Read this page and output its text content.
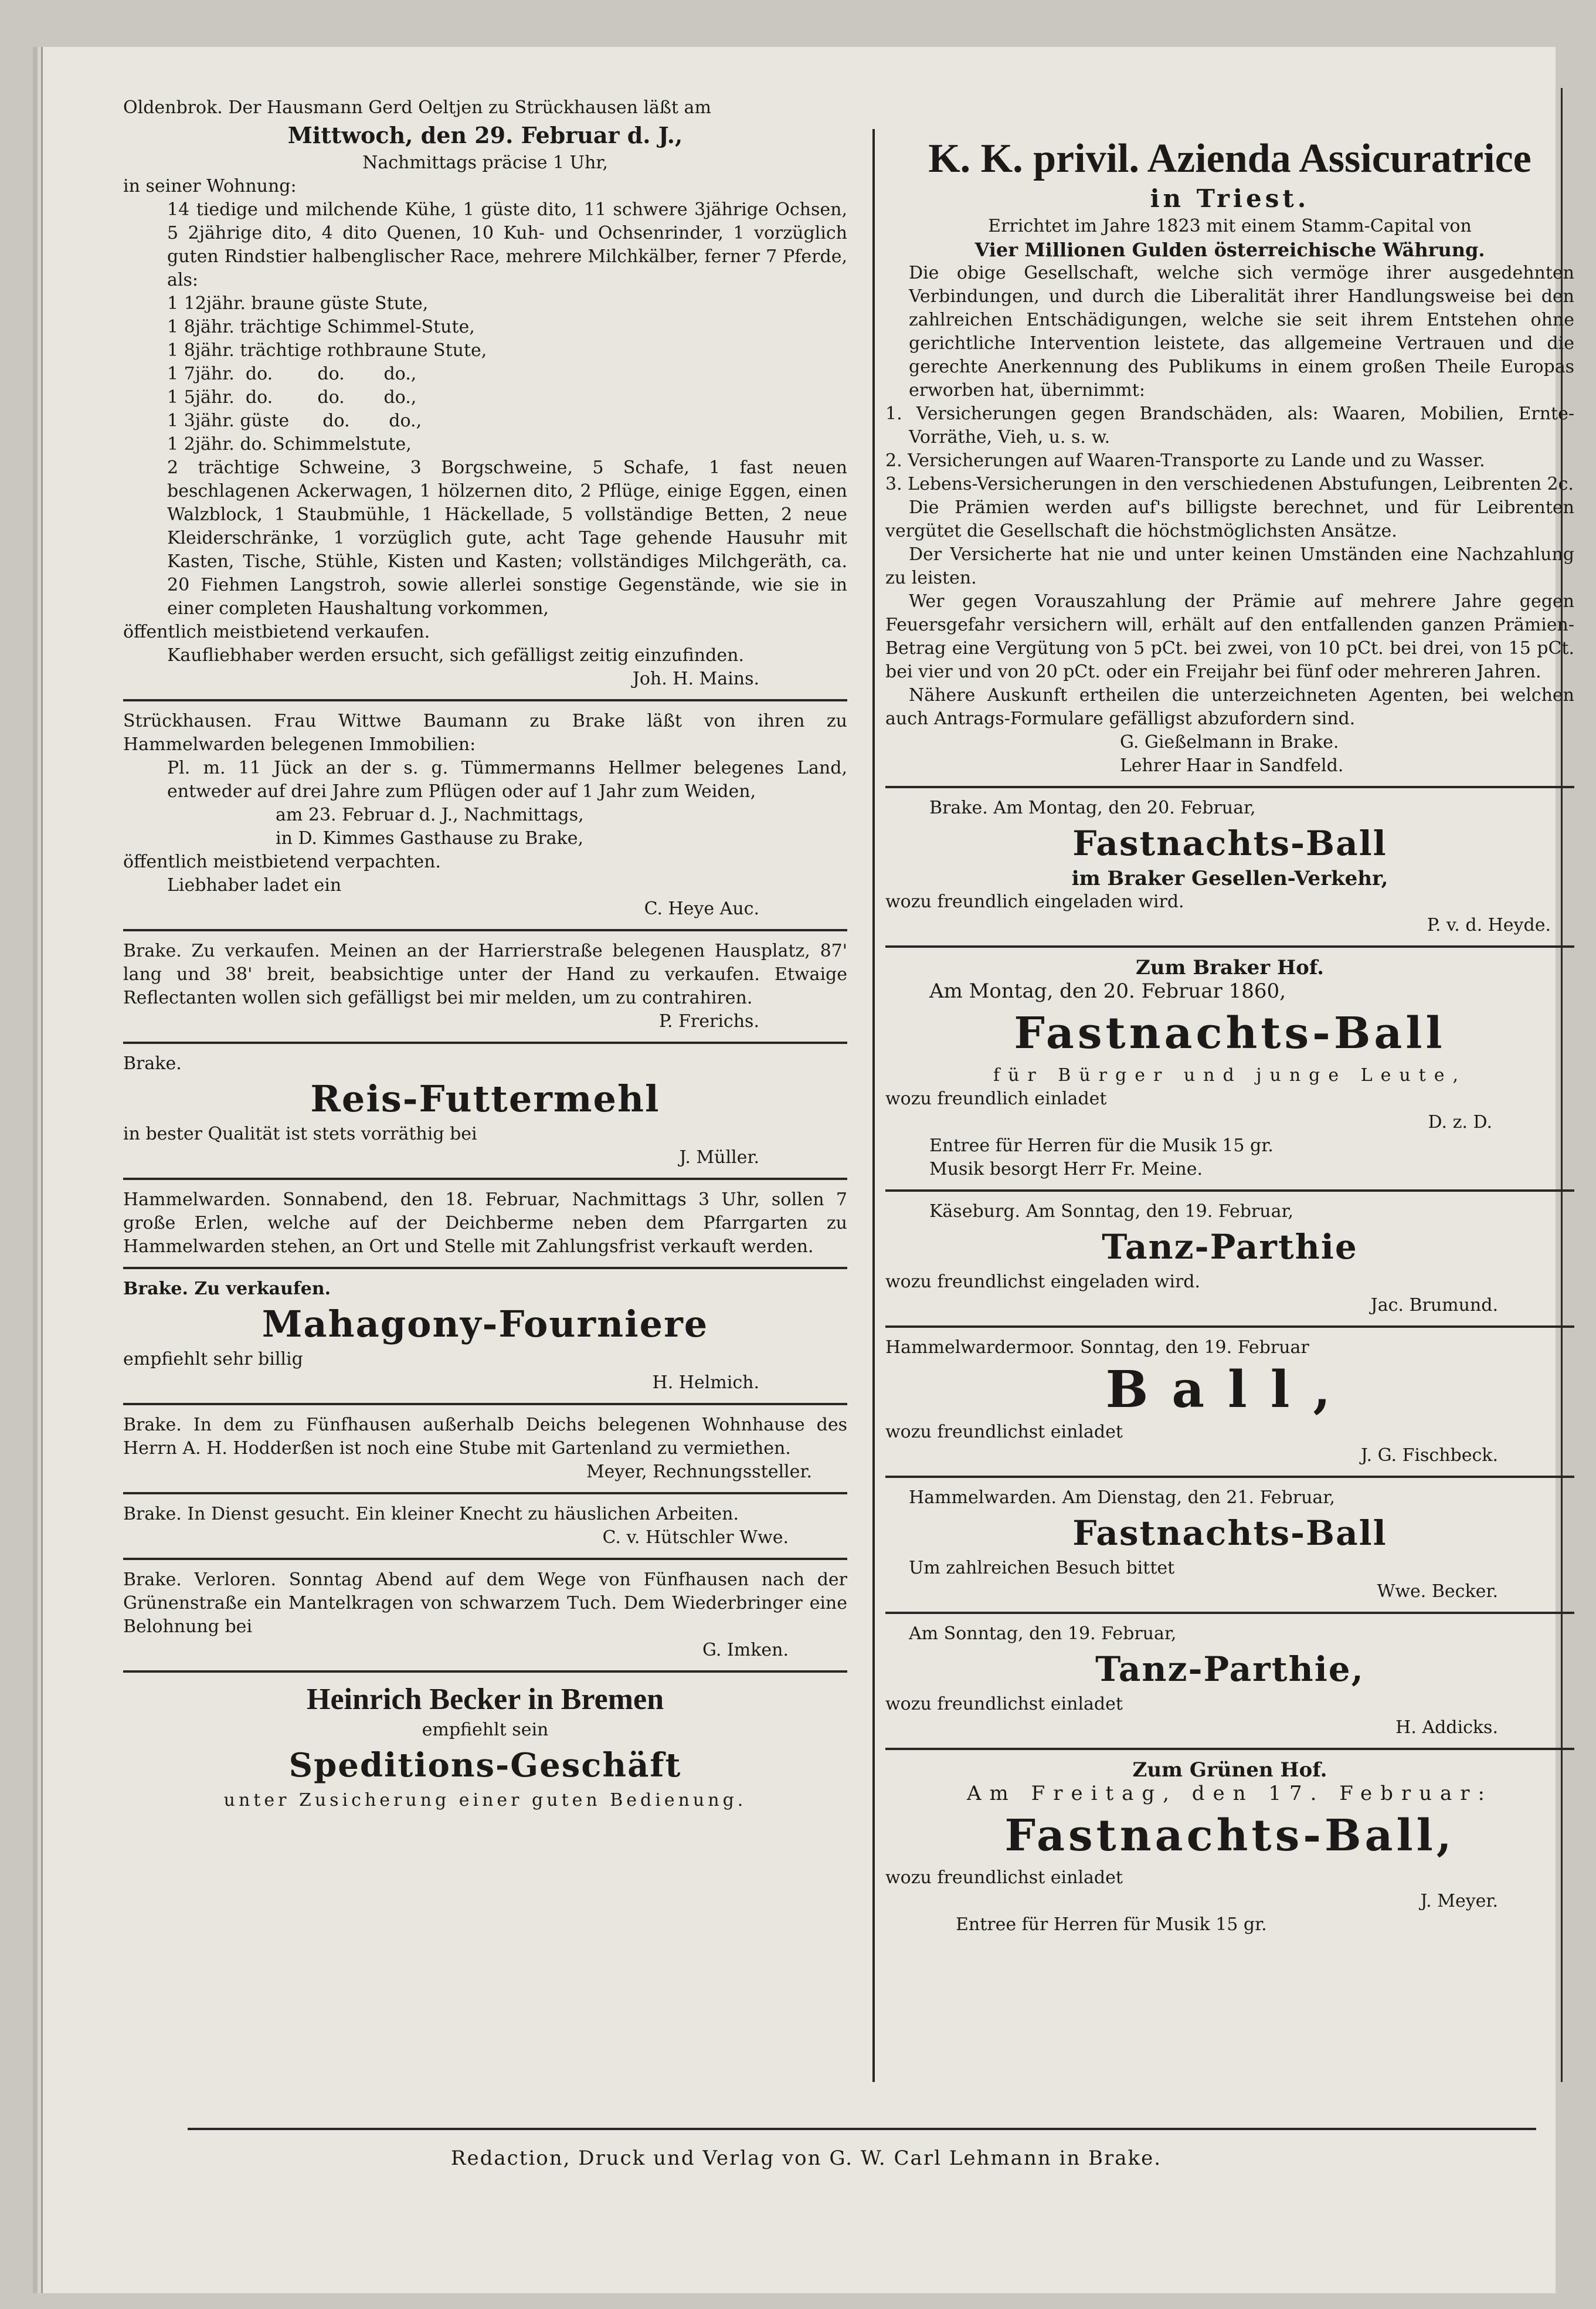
Oldenbrok. Der Hausmann Gerd Oeltjen zu Strückhausen läßt am
Mittwoch, den 29. Februar d. J.,
Nachmittags präcise 1 Uhr,
in seiner Wohnung:
14 tiedige und milchende Kühe, 1 güste dito, 11 schwere 3jährige Ochsen, 5 2jährige dito, 4 dito Quenen, 10 Kuh- und Ochsenrinder, 1 vorzüglich guten Rindstier halbenglischer Race, mehrere Milchkälber, ferner 7 Pferde, als:
1 12jähr. braune güste Stute,
1 8jähr. trächtige Schimmel-Stute,
1 8jähr. trächtige rothbraune Stute,
1 7jähr.  do.        do.       do.,
1 5jähr.  do.        do.       do.,
1 3jähr. güste      do.       do.,
1 2jähr. do. Schimmelstute,
2 trächtige Schweine, 3 Borgschweine, 5 Schafe, 1 fast neuen beschlagenen Ackerwagen, 1 hölzernen dito, 2 Pflüge, einige Eggen, einen Walzblock, 1 Staubmühle, 1 Häckellade, 5 vollständige Betten, 2 neue Kleiderschränke, 1 vorzüglich gute, acht Tage gehende Hausuhr mit Kasten, Tische, Stühle, Kisten und Kasten; vollständiges Milchgeräth, ca. 20 Fiehmen Langstroh, sowie allerlei sonstige Gegenstände, wie sie in einer completen Haushaltung vorkommen,
öffentlich meistbietend verkaufen.
Kaufliebhaber werden ersucht, sich gefälligst zeitig einzufinden.
Joh. H. Mains.
Strückhausen. Frau Wittwe Baumann zu Brake läßt von ihren zu Hammelwarden belegenen Immobilien:
Pl. m. 11 Jück an der s. g. Tümmermanns Hellmer belegenes Land, entweder auf drei Jahre zum Pflügen oder auf 1 Jahr zum Weiden,
am 23. Februar d. J., Nachmittags,
in D. Kimmes Gasthause zu Brake,
öffentlich meistbietend verpachten.
Liebhaber ladet ein
C. Heye Auc.
Brake. Zu verkaufen. Meinen an der Harrierstraße belegenen Hausplatz, 87' lang und 38' breit, beabsichtige unter der Hand zu verkaufen. Etwaige Reflectanten wollen sich gefälligst bei mir melden, um zu contrahiren.
P. Frerichs.
Brake.
Reis-Futtermehl
in bester Qualität ist stets vorräthig bei
J. Müller.
Hammelwarden. Sonnabend, den 18. Februar, Nachmittags 3 Uhr, sollen 7 große Erlen, welche auf der Deichberme neben dem Pfarrgarten zu Hammelwarden stehen, an Ort und Stelle mit Zahlungsfrist verkauft werden.
Brake. Zu verkaufen.
Mahagony-Fourniere
empfiehlt sehr billig
H. Helmich.
Brake. In dem zu Fünfhausen außerhalb Deichs belegenen Wohnhause des Herrn A. H. Hodderßen ist noch eine Stube mit Gartenland zu vermiethen.
Meyer, Rechnungssteller.
Brake. In Dienst gesucht. Ein kleiner Knecht zu häuslichen Arbeiten.
C. v. Hütschler Wwe.
Brake. Verloren. Sonntag Abend auf dem Wege von Fünfhausen nach der Grünenstraße ein Mantelkragen von schwarzem Tuch. Dem Wiederbringer eine Belohnung bei
G. Imken.
Heinrich Becker in Bremen
empfiehlt sein
Speditions-Geschäft
unter Zusicherung einer guten Bedienung.
K. K. privil. Azienda Assicuratrice
in Triest.
Errichtet im Jahre 1823 mit einem Stamm-Capital von
Vier Millionen Gulden österreichische Währung.
Die obige Gesellschaft, welche sich vermöge ihrer ausgedehnten Verbindungen, und durch die Liberalität ihrer Handlungsweise bei den zahlreichen Entschädigungen, welche sie seit ihrem Entstehen ohne gerichtliche Intervention leistete, das allgemeine Vertrauen und die gerechte Anerkennung des Publikums in einem großen Theile Europas erworben hat, übernimmt:
1. Versicherungen gegen Brandschäden, als: Waaren, Mobilien, Ernte-Vorräthe, Vieh, u. s. w.
2. Versicherungen auf Waaren-Transporte zu Lande und zu Wasser.
3. Lebens-Versicherungen in den verschiedenen Abstufungen, Leibrenten 2c.
Die Prämien werden auf's billigste berechnet, und für Leibrenten vergütet die Gesellschaft die höchstmöglichsten Ansätze.
Der Versicherte hat nie und unter keinen Umständen eine Nachzahlung zu leisten.
Wer gegen Vorauszahlung der Prämie auf mehrere Jahre gegen Feuersgefahr versichern will, erhält auf den entfallenden ganzen Prämien-Betrag eine Vergütung von 5 pCt. bei zwei, von 10 pCt. bei drei, von 15 pCt. bei vier und von 20 pCt. oder ein Freijahr bei fünf oder mehreren Jahren.
Nähere Auskunft ertheilen die unterzeichneten Agenten, bei welchen auch Antrags-Formulare gefälligst abzufordern sind.
G. Gießelmann in Brake.
Lehrer Haar in Sandfeld.
Brake. Am Montag, den 20. Februar,
Fastnachts-Ball
im Braker Gesellen-Verkehr,
wozu freundlich eingeladen wird.
P. v. d. Heyde.
Zum Braker Hof.
Am Montag, den 20. Februar 1860,
Fastnachts-Ball
für Bürger und junge Leute,
wozu freundlich einladet
D. z. D.
Entree für Herren für die Musik 15 gr.
Musik besorgt Herr Fr. Meine.
Käseburg. Am Sonntag, den 19. Februar,
Tanz-Parthie
wozu freundlichst eingeladen wird.
Jac. Brumund.
Hammelwardermoor. Sonntag, den 19. Februar
Ball,
wozu freundlichst einladet
J. G. Fischbeck.
Hammelwarden. Am Dienstag, den 21. Februar,
Fastnachts-Ball
Um zahlreichen Besuch bittet
Wwe. Becker.
Am Sonntag, den 19. Februar,
Tanz-Parthie,
wozu freundlichst einladet
H. Addicks.
Zum Grünen Hof.
Am Freitag, den 17. Februar:
Fastnachts-Ball,
wozu freundlichst einladet
J. Meyer.
Entree für Herren für Musik 15 gr.
Redaction, Druck und Verlag von G. W. Carl Lehmann in Brake.
